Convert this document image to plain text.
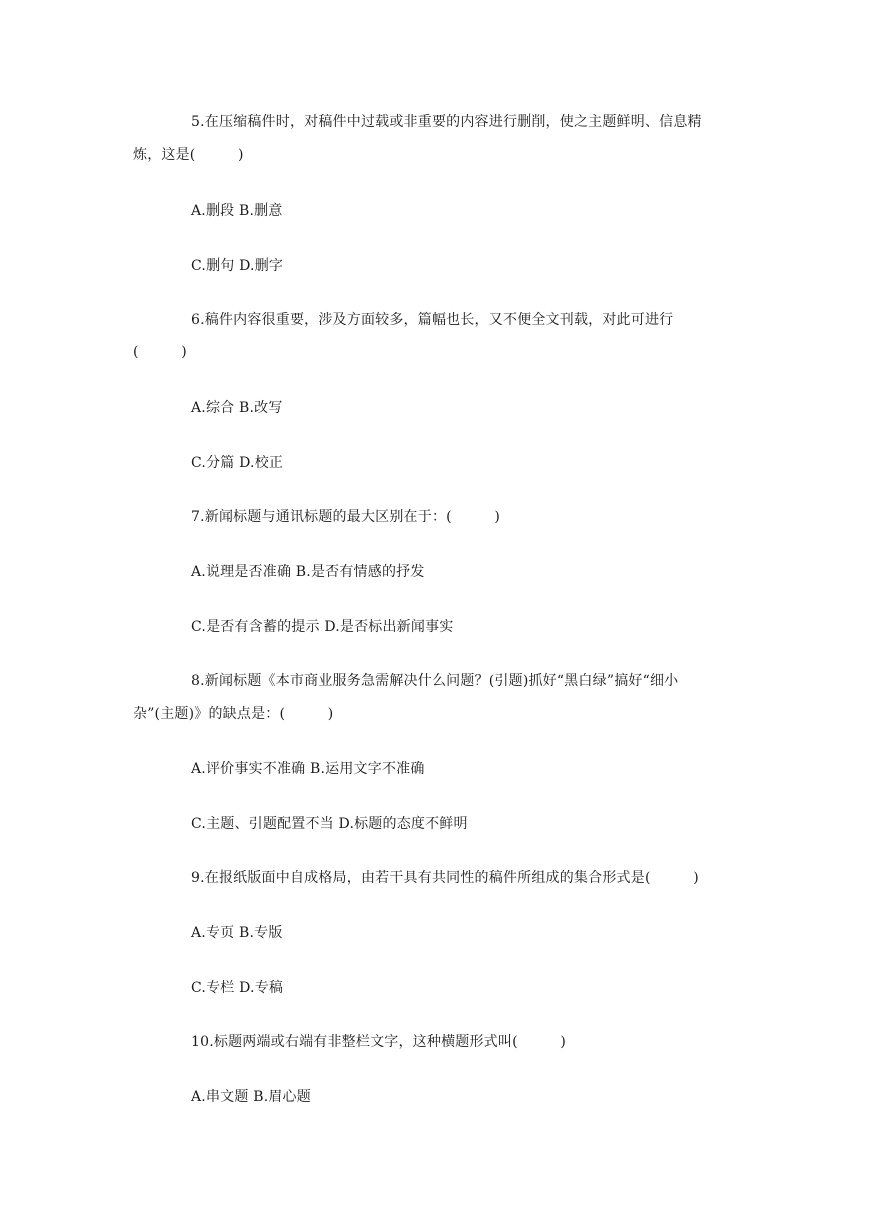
5.在压缩稿件时，对稿件中过载或非重要的内容进行删削，使之主题鲜明、信息精

炼，这是(　　　)

A.删段 B.删意

C.删句 D.删字

6.稿件内容很重要，涉及方面较多，篇幅也长，又不便全文刊载，对此可进行

(　　　)

A.综合 B.改写

C.分篇 D.校正

7.新闻标题与通讯标题的最大区别在于：(　　　)

A.说理是否准确 B.是否有情感的抒发

C.是否有含蓄的提示 D.是否标出新闻事实

8.新闻标题《本市商业服务急需解决什么问题？(引题)抓好“黑白绿”搞好“细小

杂”(主题)》的缺点是：(　　　)

A.评价事实不准确 B.运用文字不准确

C.主题、引题配置不当 D.标题的态度不鲜明

9.在报纸版面中自成格局，由若干具有共同性的稿件所组成的集合形式是(　　　)

A.专页 B.专版

C.专栏 D.专稿

10.标题两端或右端有非整栏文字，这种横题形式叫(　　　)

A.串文题 B.眉心题
